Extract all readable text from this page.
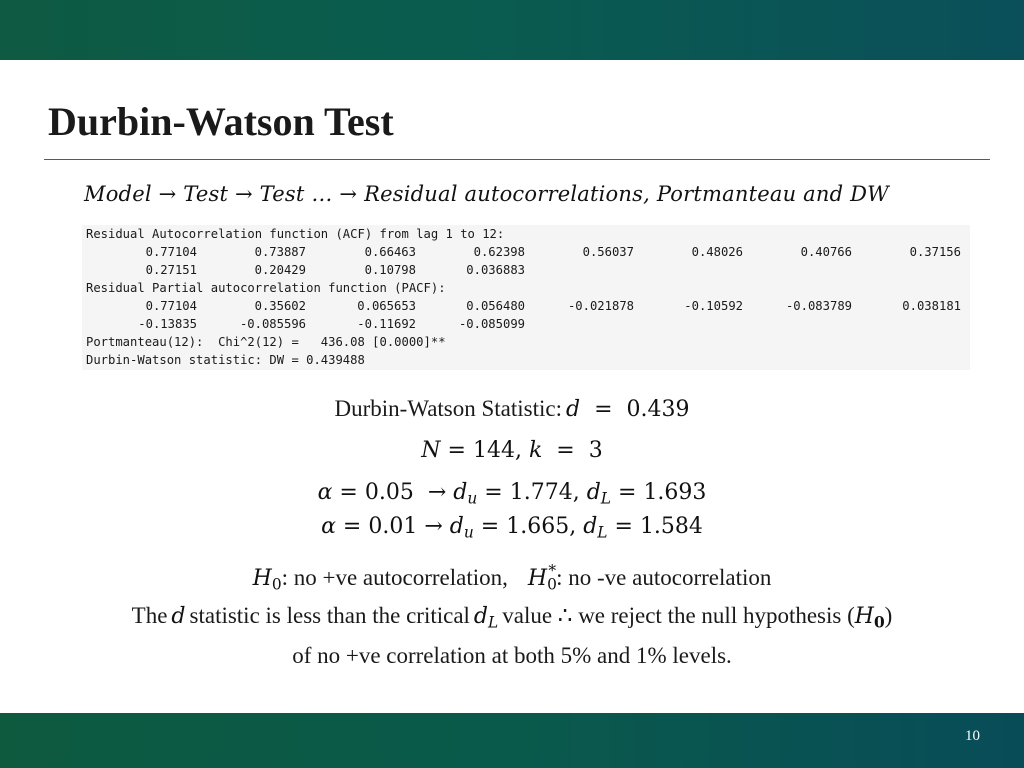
Durbin-Watson Test
Model → Test → Test … → Residual autocorrelations, Portmanteau and DW
Residual Autocorrelation function (ACF) from lag 1 to 12:
0.77104	0.73887	0.66463	0.62398	0.56037	0.48026	0.40766	0.37156
0.27151	0.20429	0.10798	0.036883
Residual Partial autocorrelation function (PACF):
0.77104	0.35602	0.065653	0.056480	-0.021878	-0.10592	-0.083789	0.038181
-0.13835	-0.085596	-0.11692	-0.085099
Portmanteau(12):  Chi^2(12) =   436.08 [0.0000]**
Durbin-Watson statistic: DW = 0.439488
Durbin-Watson Statistic: d  =  0.439
N = 144, k  =  3
$\alpha = 0.05 \to d_u = 1.774$, $d_L = 1.693$
$\alpha = 0.01 \to d_u = 1.665$, $d_L = 1.584$
$H_0$: no +ve autocorrelation, $H_0^*$: no -ve autocorrelation
The d statistic is less than the critical $d_L$ value ∴ we reject the null hypothesis $(H_0)$
of no +ve correlation at both 5% and 1% levels.
10
